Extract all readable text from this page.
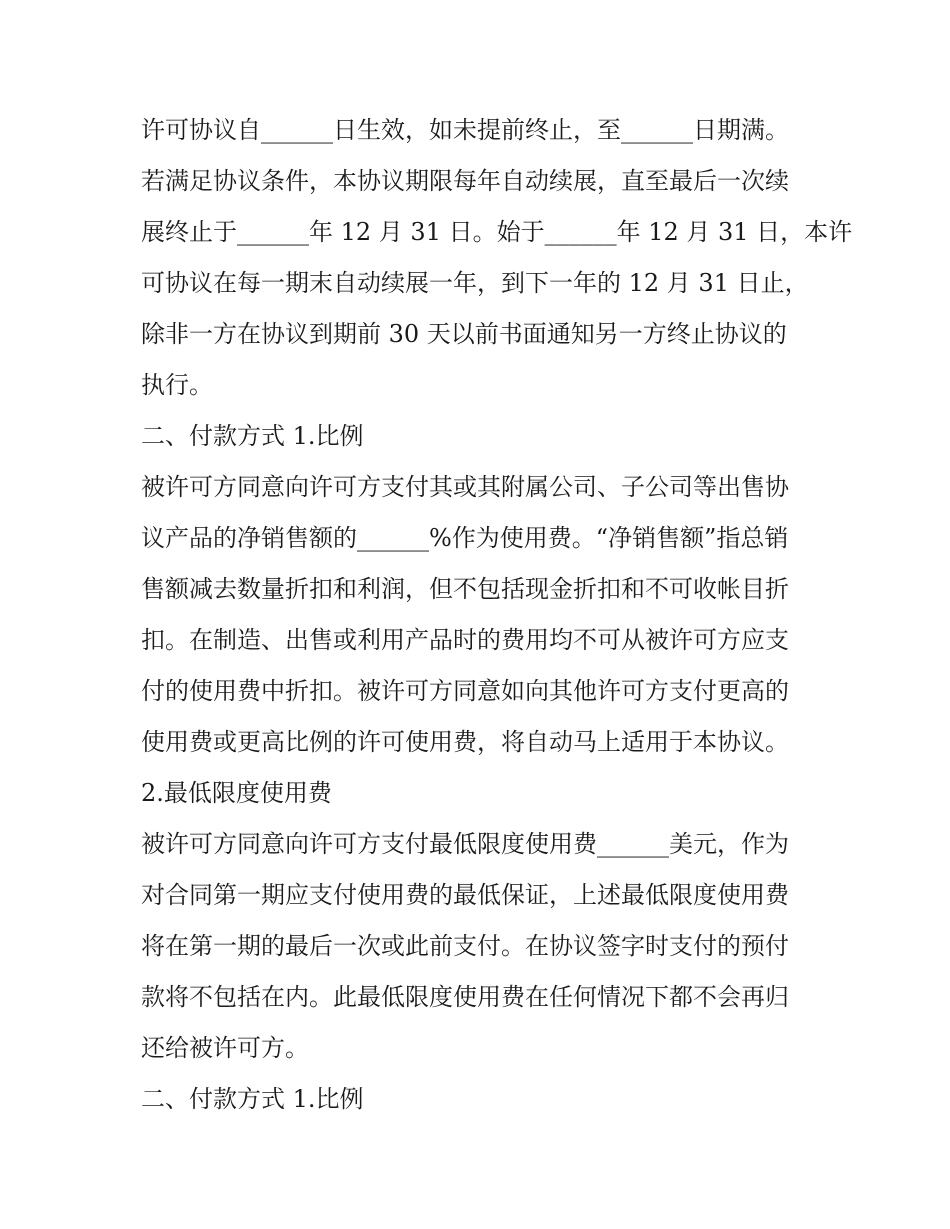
许可协议自______日生效，如未提前终止，至______日期满。
若满足协议条件，本协议期限每年自动续展，直至最后一次续
展终止于______年 12 月 31 日。始于______年 12 月 31 日，本许
可协议在每一期末自动续展一年，到下一年的 12 月 31 日止，
除非一方在协议到期前 30 天以前书面通知另一方终止协议的
执行。
二、付款方式 1.比例
被许可方同意向许可方支付其或其附属公司、子公司等出售协
议产品的净销售额的______%作为使用费。“净销售额”指总销
售额减去数量折扣和利润，但不包括现金折扣和不可收帐目折
扣。在制造、出售或利用产品时的费用均不可从被许可方应支
付的使用费中折扣。被许可方同意如向其他许可方支付更高的
使用费或更高比例的许可使用费，将自动马上适用于本协议。
2.最低限度使用费
被许可方同意向许可方支付最低限度使用费______美元，作为
对合同第一期应支付使用费的最低保证，上述最低限度使用费
将在第一期的最后一次或此前支付。在协议签字时支付的预付
款将不包括在内。此最低限度使用费在任何情况下都不会再归
还给被许可方。
二、付款方式 1.比例
